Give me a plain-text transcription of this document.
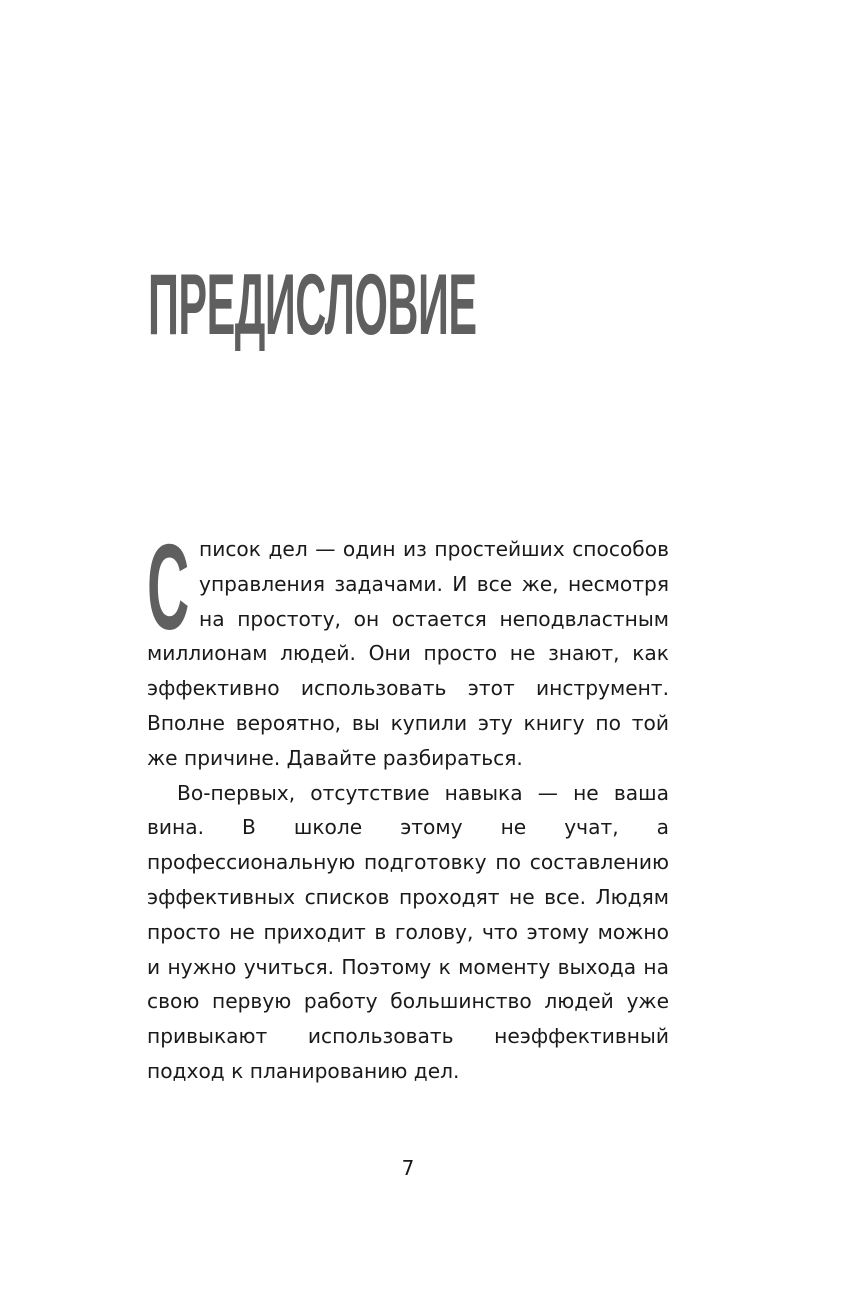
ПРЕДИСЛОВИЕ

С писок дел — один из простейших способов управления задачами. И все же, несмотря на простоту, он остается неподвластным миллионам людей. Они просто не знают, как эффективно использовать этот инструмент. Вполне вероятно, вы купили эту книгу по той же причине. Давайте разбираться.

Во-первых, отсутствие навыка — не ваша вина. В школе этому не учат, а профессиональную подготовку по составлению эффективных списков проходят не все. Людям просто не приходит в голову, что этому можно и нужно учиться. Поэтому к моменту выхода на свою первую работу большинство людей уже привыкают использовать неэффективный подход к планированию дел.

7
